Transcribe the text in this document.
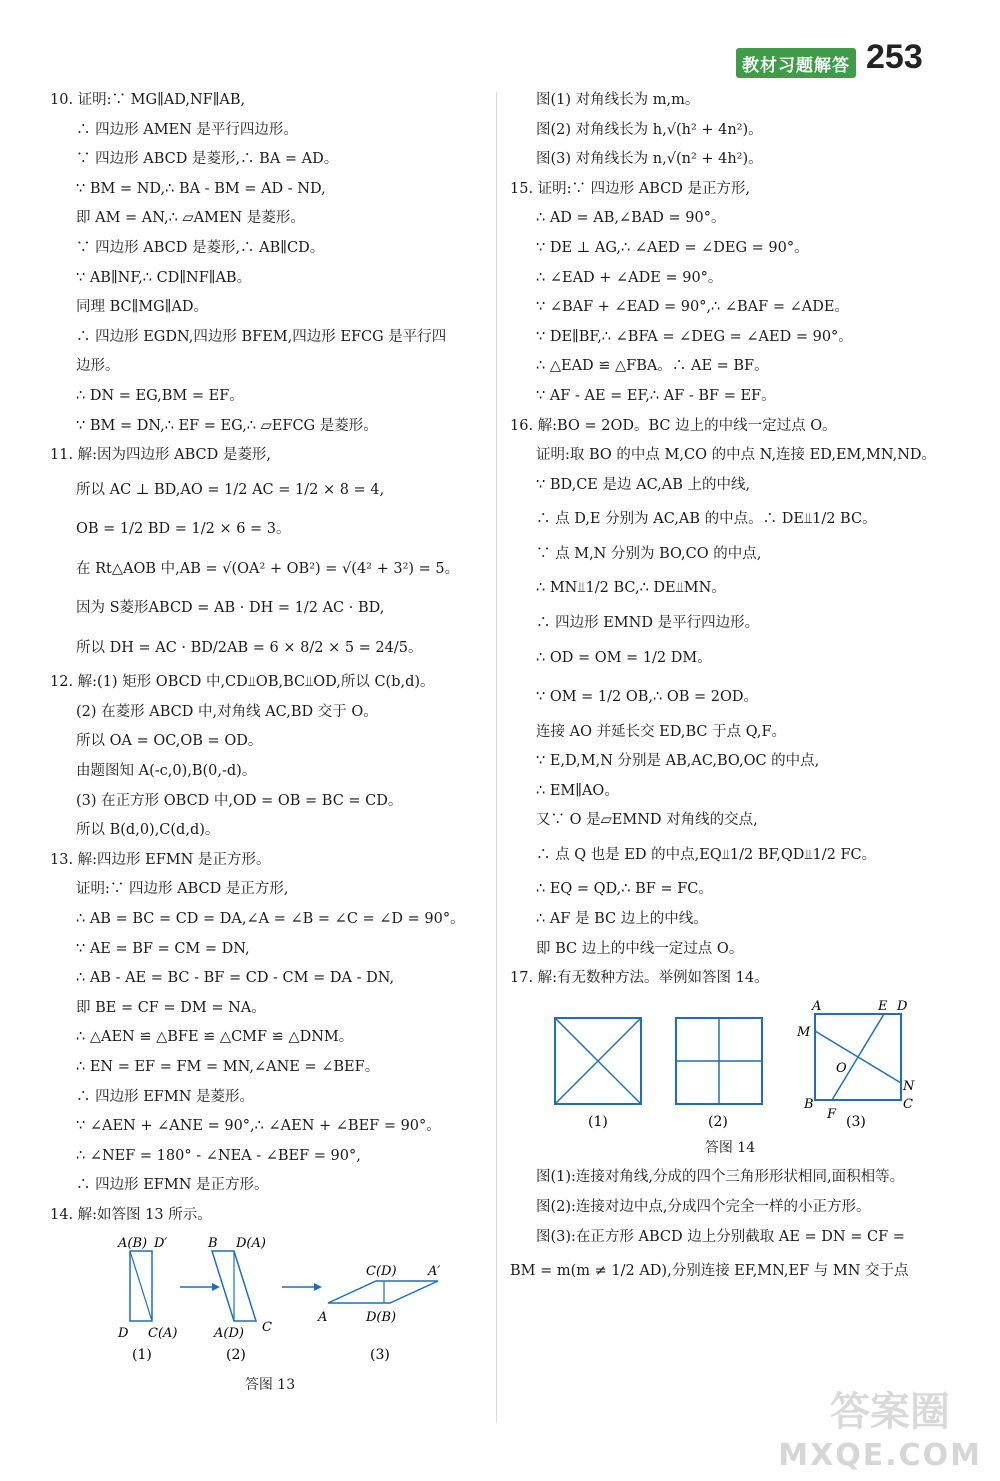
教材习题解答 253
10. 证明:∵ MG∥AD,NF∥AB,
∴ 四边形 AMEN 是平行四边形。
∵ 四边形 ABCD 是菱形,∴ BA = AD。
∵ BM = ND,∴ BA - BM = AD - ND,
即 AM = AN,∴ ▱AMEN 是菱形。
∵ 四边形 ABCD 是菱形,∴ AB∥CD。
∵ AB∥NF,∴ CD∥NF∥AB。
同理 BC∥MG∥AD。
∴ 四边形 EGDN,四边形 BFEM,四边形 EFCG 是平行四
边形。
∴ DN = EG,BM = EF。
∵ BM = DN,∴ EF = EG,∴ ▱EFCG 是菱形。
11. 解:因为四边形 ABCD 是菱形,
所以 AC ⊥ BD,AO = 1/2 AC = 1/2 × 8 = 4,
OB = 1/2 BD = 1/2 × 6 = 3。
在 Rt△AOB 中,AB = √(OA² + OB²) = √(4² + 3²) = 5。
因为 S菱形ABCD = AB · DH = 1/2 AC · BD,
所以 DH = AC · BD/2AB = 6 × 8/2 × 5 = 24/5。
12. 解:(1) 矩形 OBCD 中,CD⫫OB,BC⫫OD,所以 C(b,d)。
(2) 在菱形 ABCD 中,对角线 AC,BD 交于 O。
所以 OA = OC,OB = OD。
由题图知 A(-c,0),B(0,-d)。
(3) 在正方形 OBCD 中,OD = OB = BC = CD。
所以 B(d,0),C(d,d)。
13. 解:四边形 EFMN 是正方形。
证明:∵ 四边形 ABCD 是正方形,
∴ AB = BC = CD = DA,∠A = ∠B = ∠C = ∠D = 90°。
∵ AE = BF = CM = DN,
∴ AB - AE = BC - BF = CD - CM = DA - DN,
即 BE = CF = DM = NA。
∴ △AEN ≌ △BFE ≌ △CMF ≌ △DNM。
∴ EN = EF = FM = MN,∠ANE = ∠BEF。
∴ 四边形 EFMN 是菱形。
∵ ∠AEN + ∠ANE = 90°,∴ ∠AEN + ∠BEF = 90°。
∴ ∠NEF = 180° - ∠NEA - ∠BEF = 90°,
∴ 四边形 EFMN 是正方形。
14. 解:如答图 13 所示。
A(B) D′
D C(A)
B D(A)
A(D) C
C(D) A′
A	D(B)
(1)	(2)	(3)
答图 13
图(1) 对角线长为 m,m。
图(2) 对角线长为 h,√(h² + 4n²)。
图(3) 对角线长为 n,√(n² + 4h²)。
15. 证明:∵ 四边形 ABCD 是正方形,
∴ AD = AB,∠BAD = 90°。
∵ DE ⊥ AG,∴ ∠AED = ∠DEG = 90°。
∴ ∠EAD + ∠ADE = 90°。
∵ ∠BAF + ∠EAD = 90°,∴ ∠BAF = ∠ADE。
∵ DE∥BF,∴ ∠BFA = ∠DEG = ∠AED = 90°。
∴ △EAD ≌ △FBA。∴ AE = BF。
∵ AF - AE = EF,∴ AF - BF = EF。
16. 解:BO = 2OD。BC 边上的中线一定过点 O。
证明:取 BO 的中点 M,CO 的中点 N,连接 ED,EM,MN,ND。
∵ BD,CE 是边 AC,AB 上的中线,
∴ 点 D,E 分别为 AC,AB 的中点。∴ DE⫫1/2 BC。
∵ 点 M,N 分别为 BO,CO 的中点,
∴ MN⫫1/2 BC,∴ DE⫫MN。
∴ 四边形 EMND 是平行四边形。
∴ OD = OM = 1/2 DM。
∵ OM = 1/2 OB,∴ OB = 2OD。
连接 AO 并延长交 ED,BC 于点 Q,F。
∵ E,D,M,N 分别是 AB,AC,BO,OC 的中点,
∴ EM∥AO。
又∵ O 是▱EMND 对角线的交点,
∴ 点 Q 也是 ED 的中点,EQ⫫1/2 BF,QD⫫1/2 FC。
∴ EQ = QD,∴ BF = FC。
∴ AF 是 BC 边上的中线。
即 BC 边上的中线一定过点 O。
17. 解:有无数种方法。举例如答图 14。
A	E D
M
O
N
B
F
C
(1)	(2)	(3)
答图 14
图(1):连接对角线,分成的四个三角形形状相同,面积相等。
图(2):连接对边中点,分成四个完全一样的小正方形。
图(3):在正方形 ABCD 边上分别截取 AE = DN = CF =
BM = m(m ≠ 1/2 AD),分别连接 EF,MN,EF 与 MN 交于点
答案圈
MXQE.COM
